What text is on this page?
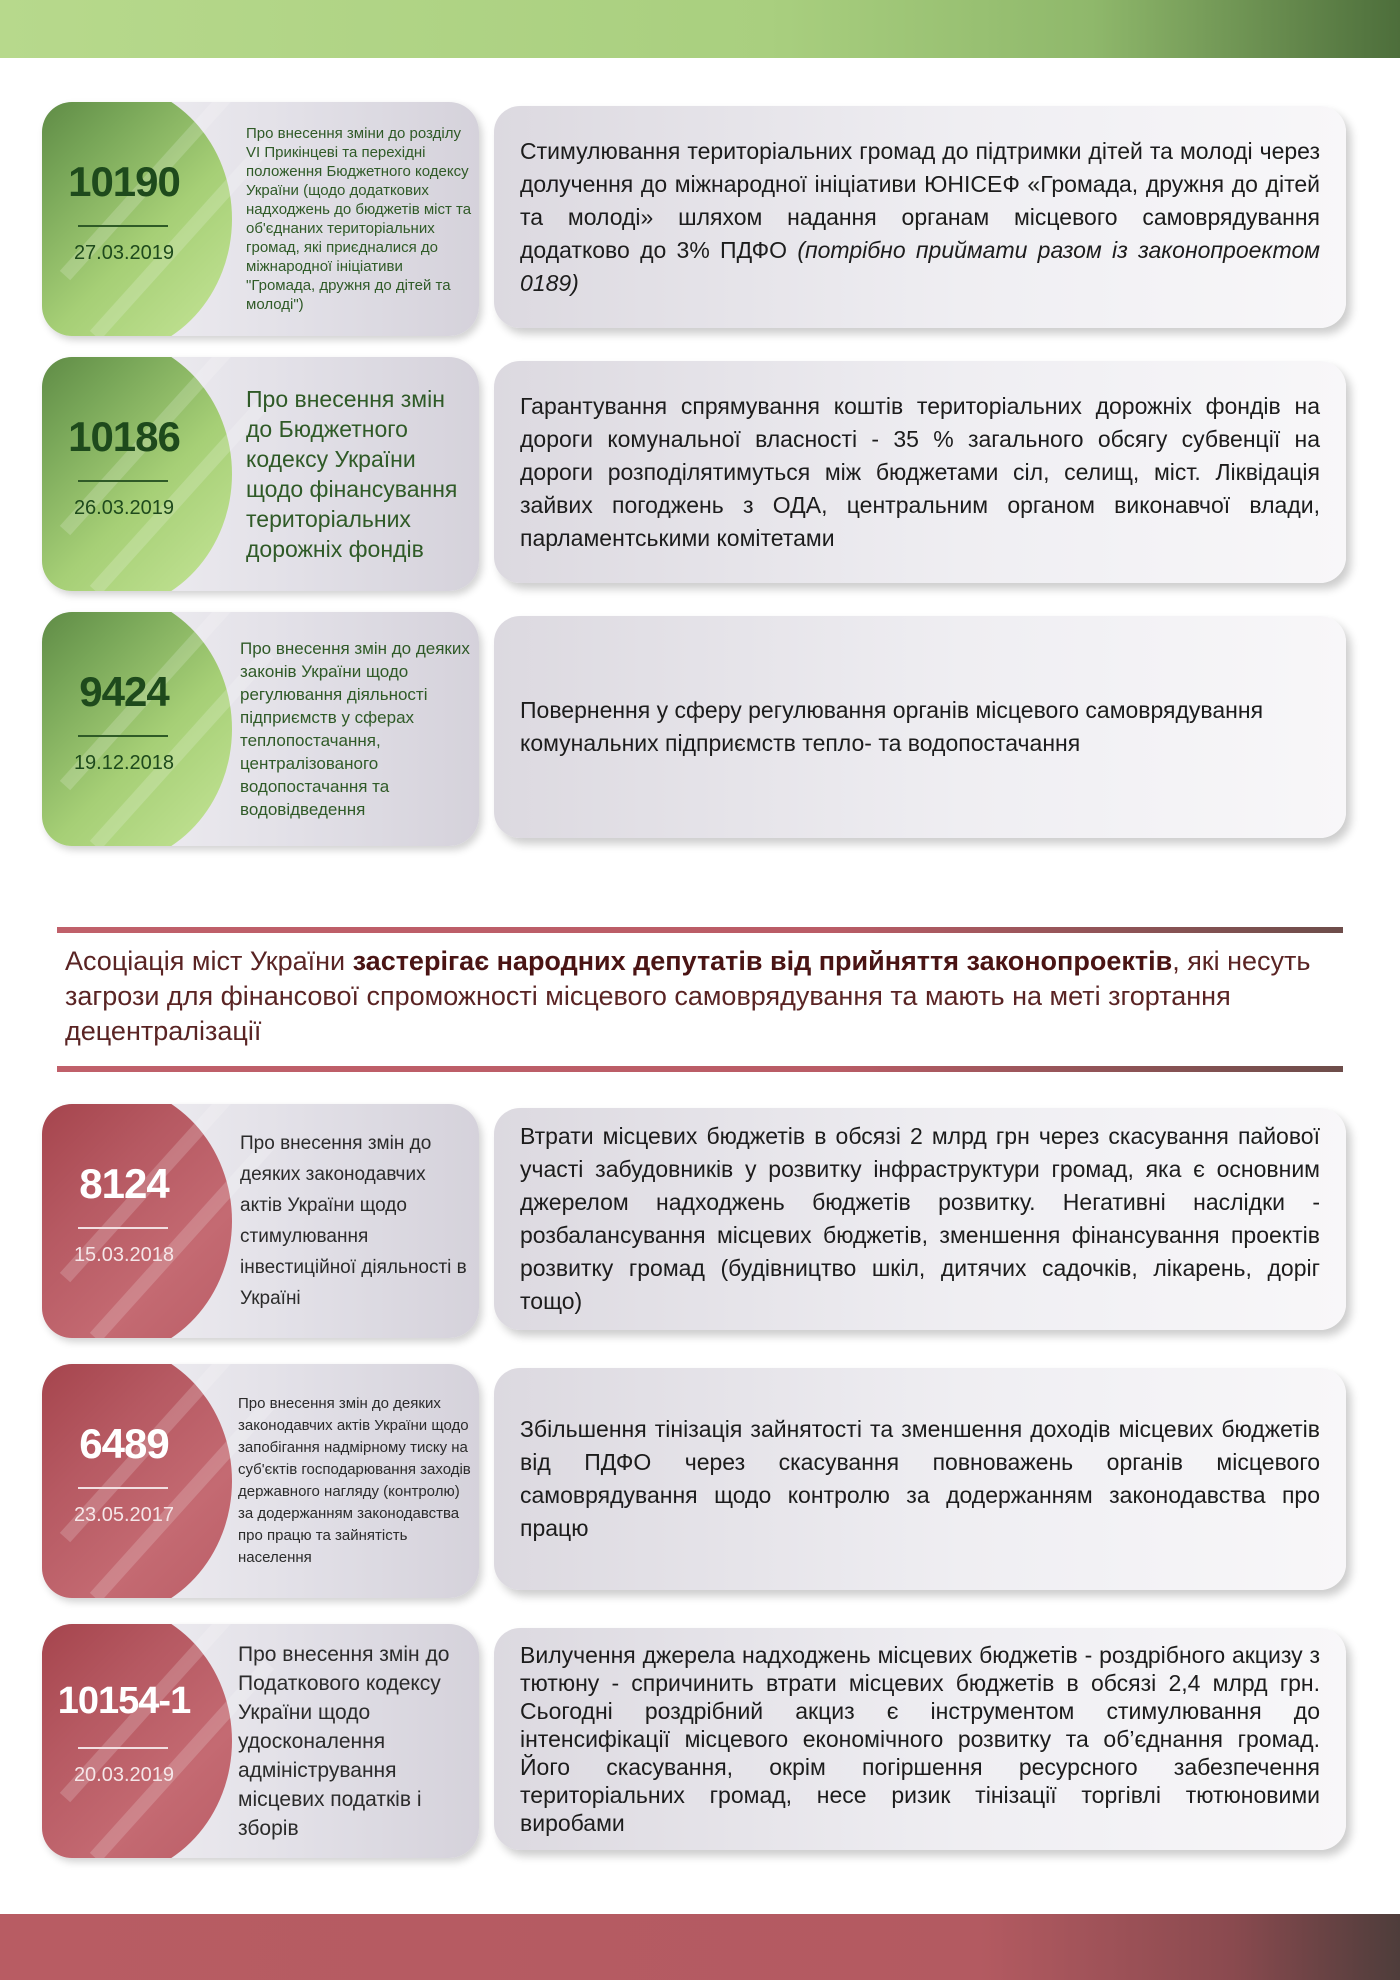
10190
27.03.2019
Про внесення зміни до розділу VI Прикінцеві та перехідні положення Бюджетного кодексу України (щодо додаткових надходжень до бюджетів міст та об'єднаних територіальних громад, які приєдналися до міжнародної ініціативи "Громада, дружня до дітей та молоді")
Стимулювання територіальних громад до підтримки дітей та молоді через долучення до міжнародної ініціативи ЮНІСЕФ «Громада, дружня до дітей та молоді» шляхом надання органам місцевого самоврядування додатково до 3% ПДФО (потрібно приймати разом із законопроектом 0189)
10186
26.03.2019
Про внесення змін до Бюджетного кодексу України щодо фінансування територіальних дорожніх фондів
Гарантування спрямування коштів територіальних дорожніх фондів на дороги комунальної власності - 35 % загального обсягу субвенції на дороги розподілятимуться між бюджетами сіл, селищ, міст. Ліквідація зайвих погоджень з ОДА, центральним органом виконавчої влади, парламентськими комітетами
9424
19.12.2018
Про внесення змін до деяких законів України щодо регулювання діяльності підприємств у сферах теплопостачання, централізованого водопостачання та водовідведення
Повернення у сферу регулювання органів місцевого самоврядування комунальних підприємств тепло- та водопостачання
Асоціація міст України застерігає народних депутатів від прийняття законопроектів, які несуть загрози для фінансової спроможності місцевого самоврядування та мають на меті згортання децентралізації
8124
15.03.2018
Про внесення змін до деяких законодавчих актів України щодо стимулювання інвестиційної діяльності в Україні
Втрати місцевих бюджетів в обсязі 2 млрд грн через скасування пайової участі забудовників у розвитку інфраструктури громад, яка є основним джерелом надходжень бюджетів розвитку. Негативні наслідки - розбалансування місцевих бюджетів, зменшення фінансування проектів розвитку громад (будівництво шкіл, дитячих садочків, лікарень, доріг тощо)
6489
23.05.2017
Про внесення змін до деяких законодавчих актів України щодо запобігання надмірному тиску на суб'єктів господарювання заходів державного нагляду (контролю) за додержанням законодавства про працю та зайнятість населення
Збільшення тінізація зайнятості та зменшення доходів місцевих бюджетів від ПДФО через скасування повноважень органів місцевого самоврядування щодо контролю за додержанням законодавства про працю
10154-1
20.03.2019
Про внесення змін до Податкового кодексу України щодо удосконалення адміністрування місцевих податків і зборів
Вилучення джерела надходжень місцевих бюджетів - роздрібного акцизу з тютюну - спричинить втрати місцевих бюджетів в обсязі 2,4 млрд грн. Сьогодні роздрібний акциз є інструментом стимулювання до інтенсифікації місцевого економічного розвитку та об’єднання громад. Його скасування, окрім погіршення ресурсного забезпечення територіальних громад, несе ризик тінізації торгівлі тютюновими виробами
